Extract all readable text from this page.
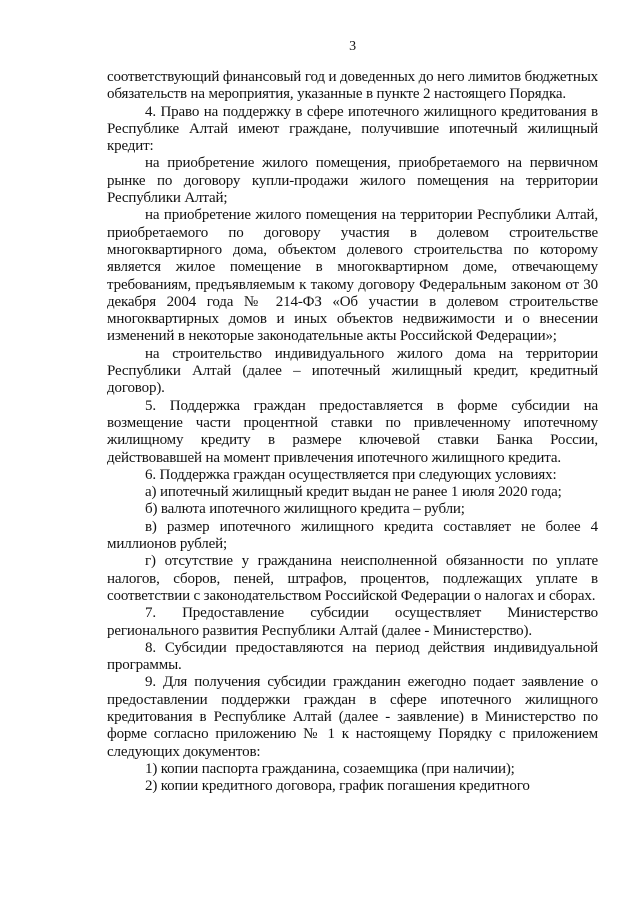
3

соответствующий финансовый год и доведенных до него лимитов бюджетных обязательств на мероприятия, указанные в пункте 2 настоящего Порядка.

4. Право на поддержку в сфере ипотечного жилищного кредитования в Республике Алтай имеют граждане, получившие ипотечный жилищный кредит:

на приобретение жилого помещения, приобретаемого на первичном рынке по договору купли-продажи жилого помещения на территории Республики Алтай;

на приобретение жилого помещения на территории Республики Алтай, приобретаемого по договору участия в долевом строительстве многоквартирного дома, объектом долевого строительства по которому является жилое помещение в многоквартирном доме, отвечающему требованиям, предъявляемым к такому договору Федеральным законом от 30 декабря 2004 года № 214-ФЗ «Об участии в долевом строительстве многоквартирных домов и иных объектов недвижимости и о внесении изменений в некоторые законодательные акты Российской Федерации»;

на строительство индивидуального жилого дома на территории Республики Алтай (далее – ипотечный жилищный кредит, кредитный договор).

5. Поддержка граждан предоставляется в форме субсидии на возмещение части процентной ставки по привлеченному ипотечному жилищному кредиту в размере ключевой ставки Банка России, действовавшей на момент привлечения ипотечного жилищного кредита.

6. Поддержка граждан осуществляется при следующих условиях:

а) ипотечный жилищный кредит выдан не ранее 1 июля 2020 года;

б) валюта ипотечного жилищного кредита – рубли;

в) размер ипотечного жилищного кредита составляет не более 4 миллионов рублей;

г) отсутствие у гражданина неисполненной обязанности по уплате налогов, сборов, пеней, штрафов, процентов, подлежащих уплате в соответствии с законодательством Российской Федерации о налогах и сборах.

7. Предоставление субсидии осуществляет Министерство регионального развития Республики Алтай (далее - Министерство).

8. Субсидии предоставляются на период действия индивидуальной программы.

9. Для получения субсидии гражданин ежегодно подает заявление о предоставлении поддержки граждан в сфере ипотечного жилищного кредитования в Республике Алтай (далее - заявление) в Министерство по форме согласно приложению № 1 к настоящему Порядку с приложением следующих документов:

1) копии паспорта гражданина, созаемщика (при наличии);

2) копии кредитного договора, график погашения кредитного
